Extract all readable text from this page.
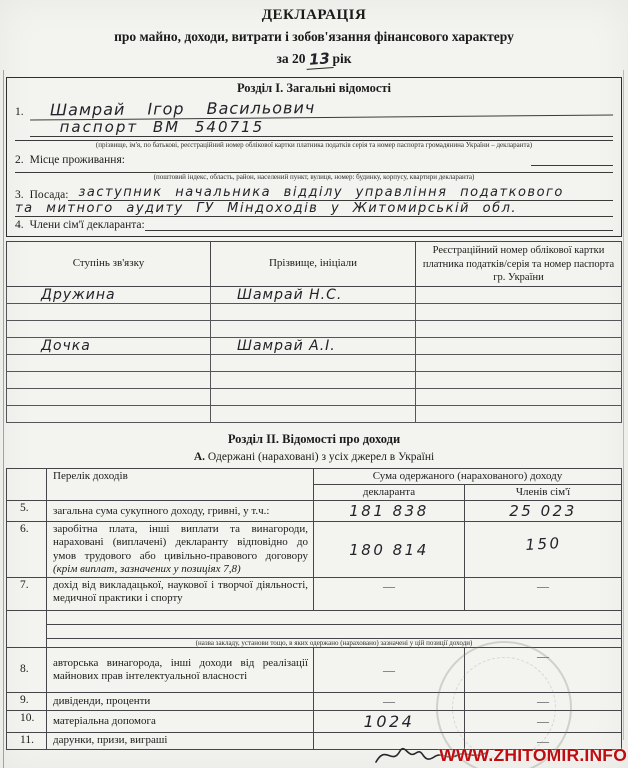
ДЕКЛАРАЦІЯ
про майно, доходи, витрати і зобов'язання фінансового характеру
за 20 13 рік
Розділ I. Загальні відомості
1.	Шамрай Ігор Васильович
паспорт ВМ 540715
(прізвище, ім'я, по батькові, реєстраційний номер облікової картки платника податків серія та номер паспорта громадянина України – декларанта)
2. Місце проживання:
(поштовий індекс, область, район, населений пункт, вулиця, номер: будинку, корпусу, квартири декларанта)
3. Посада: заступник начальника відділу управління податкового
та митного аудиту ГУ Міндоходів у Житомирській обл.
4. Члени сім'ї декларанта:
Ступінь зв'язку	Прізвище, ініціали	Реєстраційний номер облікової картки платника податків/серія та номер паспорта гр. України
Дружина	Шамрай Н.С.	

Дочка	Шамрай А.І.	

Розділ II. Відомості про доходи
А. Одержані (нараховані) з усіх джерел в Україні
	Перелік доходів	Сума одержаного (нарахованого) доходу	
		декларанта	Членів сім'ї
5.	загальна сума сукупного доходу, гривні, у т.ч.:	181 838	25 023
6.	заробітна плата, інші виплати та винагороди, нараховані (виплачені) декларанту відповідно до умов трудового або цивільно-правового договору (крім виплат, зазначених у позиціях 7,8)	180 814	150
7.	дохід від викладацької, наукової і творчої діяльності, медичної практики і спорту	—	—

	(назва закладу, установи тощо, в яких одержано (нараховано) зазначені у цій позиції доходи)		
8.	авторська винагорода, інші доходи від реалізації майнових прав інтелектуальної власності	—	—
9.	дивіденди, проценти	—	—
10.	матеріальна допомога	1024	—
11.	дарунки, призи, виграші		—
WWW.ZHITOMIR.INFO
